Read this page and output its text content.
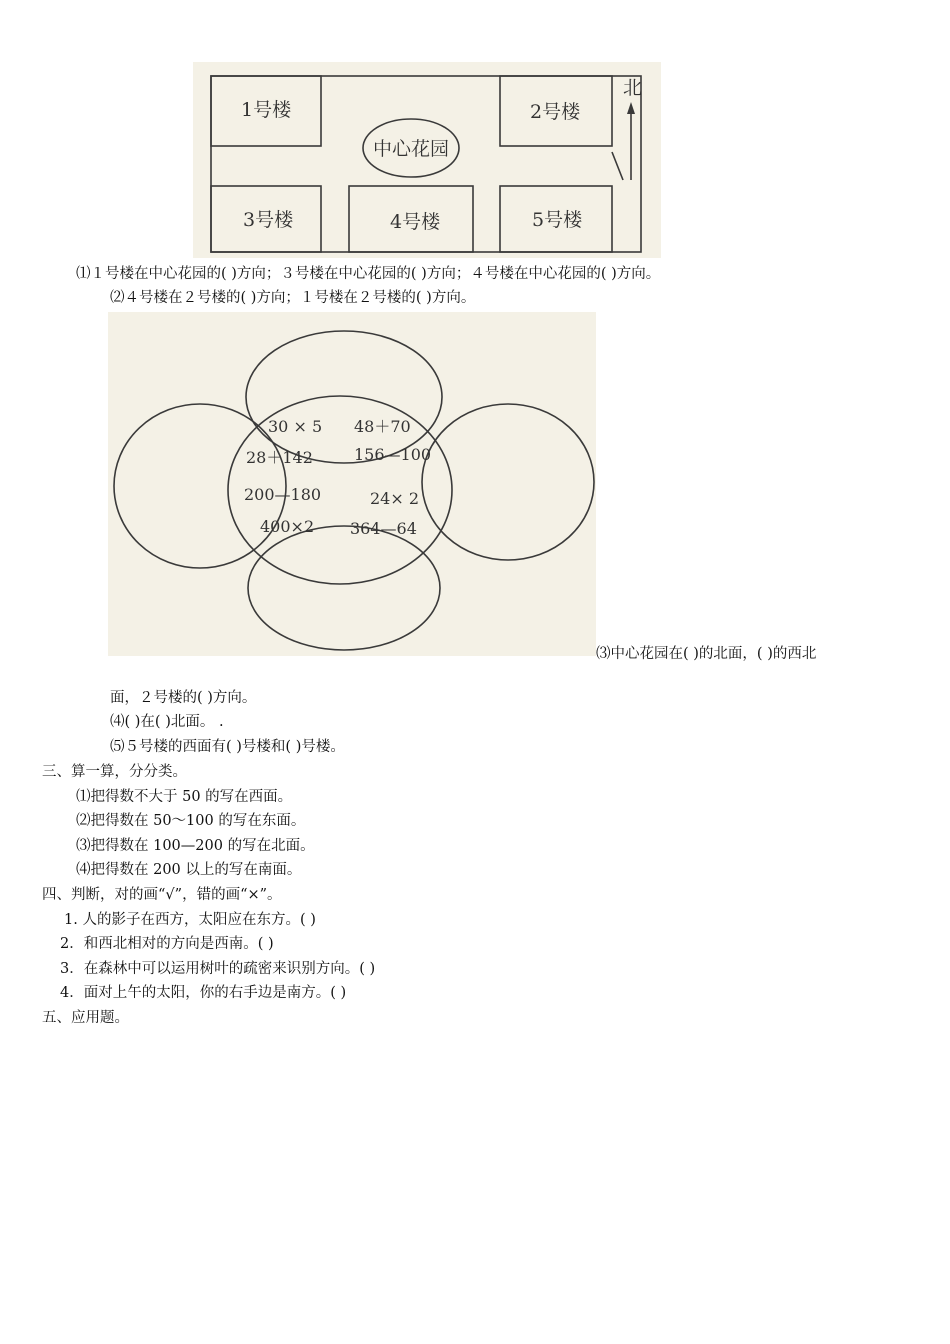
1号楼	2号楼
3号楼	4号楼	5号楼
中心花园
北
⑴１号楼在中心花园的( )方向；３号楼在中心花园的( )方向；４号楼在中心花园的( )方向。
⑵４号楼在２号楼的( )方向；１号楼在２号楼的( )方向。
30 × 5 48＋70
28＋142	156—100
200—180	24× 2
400×2 364—64
⑶中心花园在( )的北面，( )的西北
面，２号楼的( )方向。
⑷( )在( )北面。 .
⑸５号楼的西面有( )号楼和( )号楼。
三、算一算，分分类。
⑴把得数不大于 50 的写在西面。
⑵把得数在 50～100 的写在东面。
⑶把得数在 100—200 的写在北面。
⑷把得数在 200 以上的写在南面。
四、判断，对的画“√”，错的画“×”。
1. 人的影子在西方，太阳应在东方。( )
2．和西北相对的方向是西南。( )
3．在森林中可以运用树叶的疏密来识别方向。( )
4．面对上午的太阳，你的右手边是南方。( )
五、应用题。
